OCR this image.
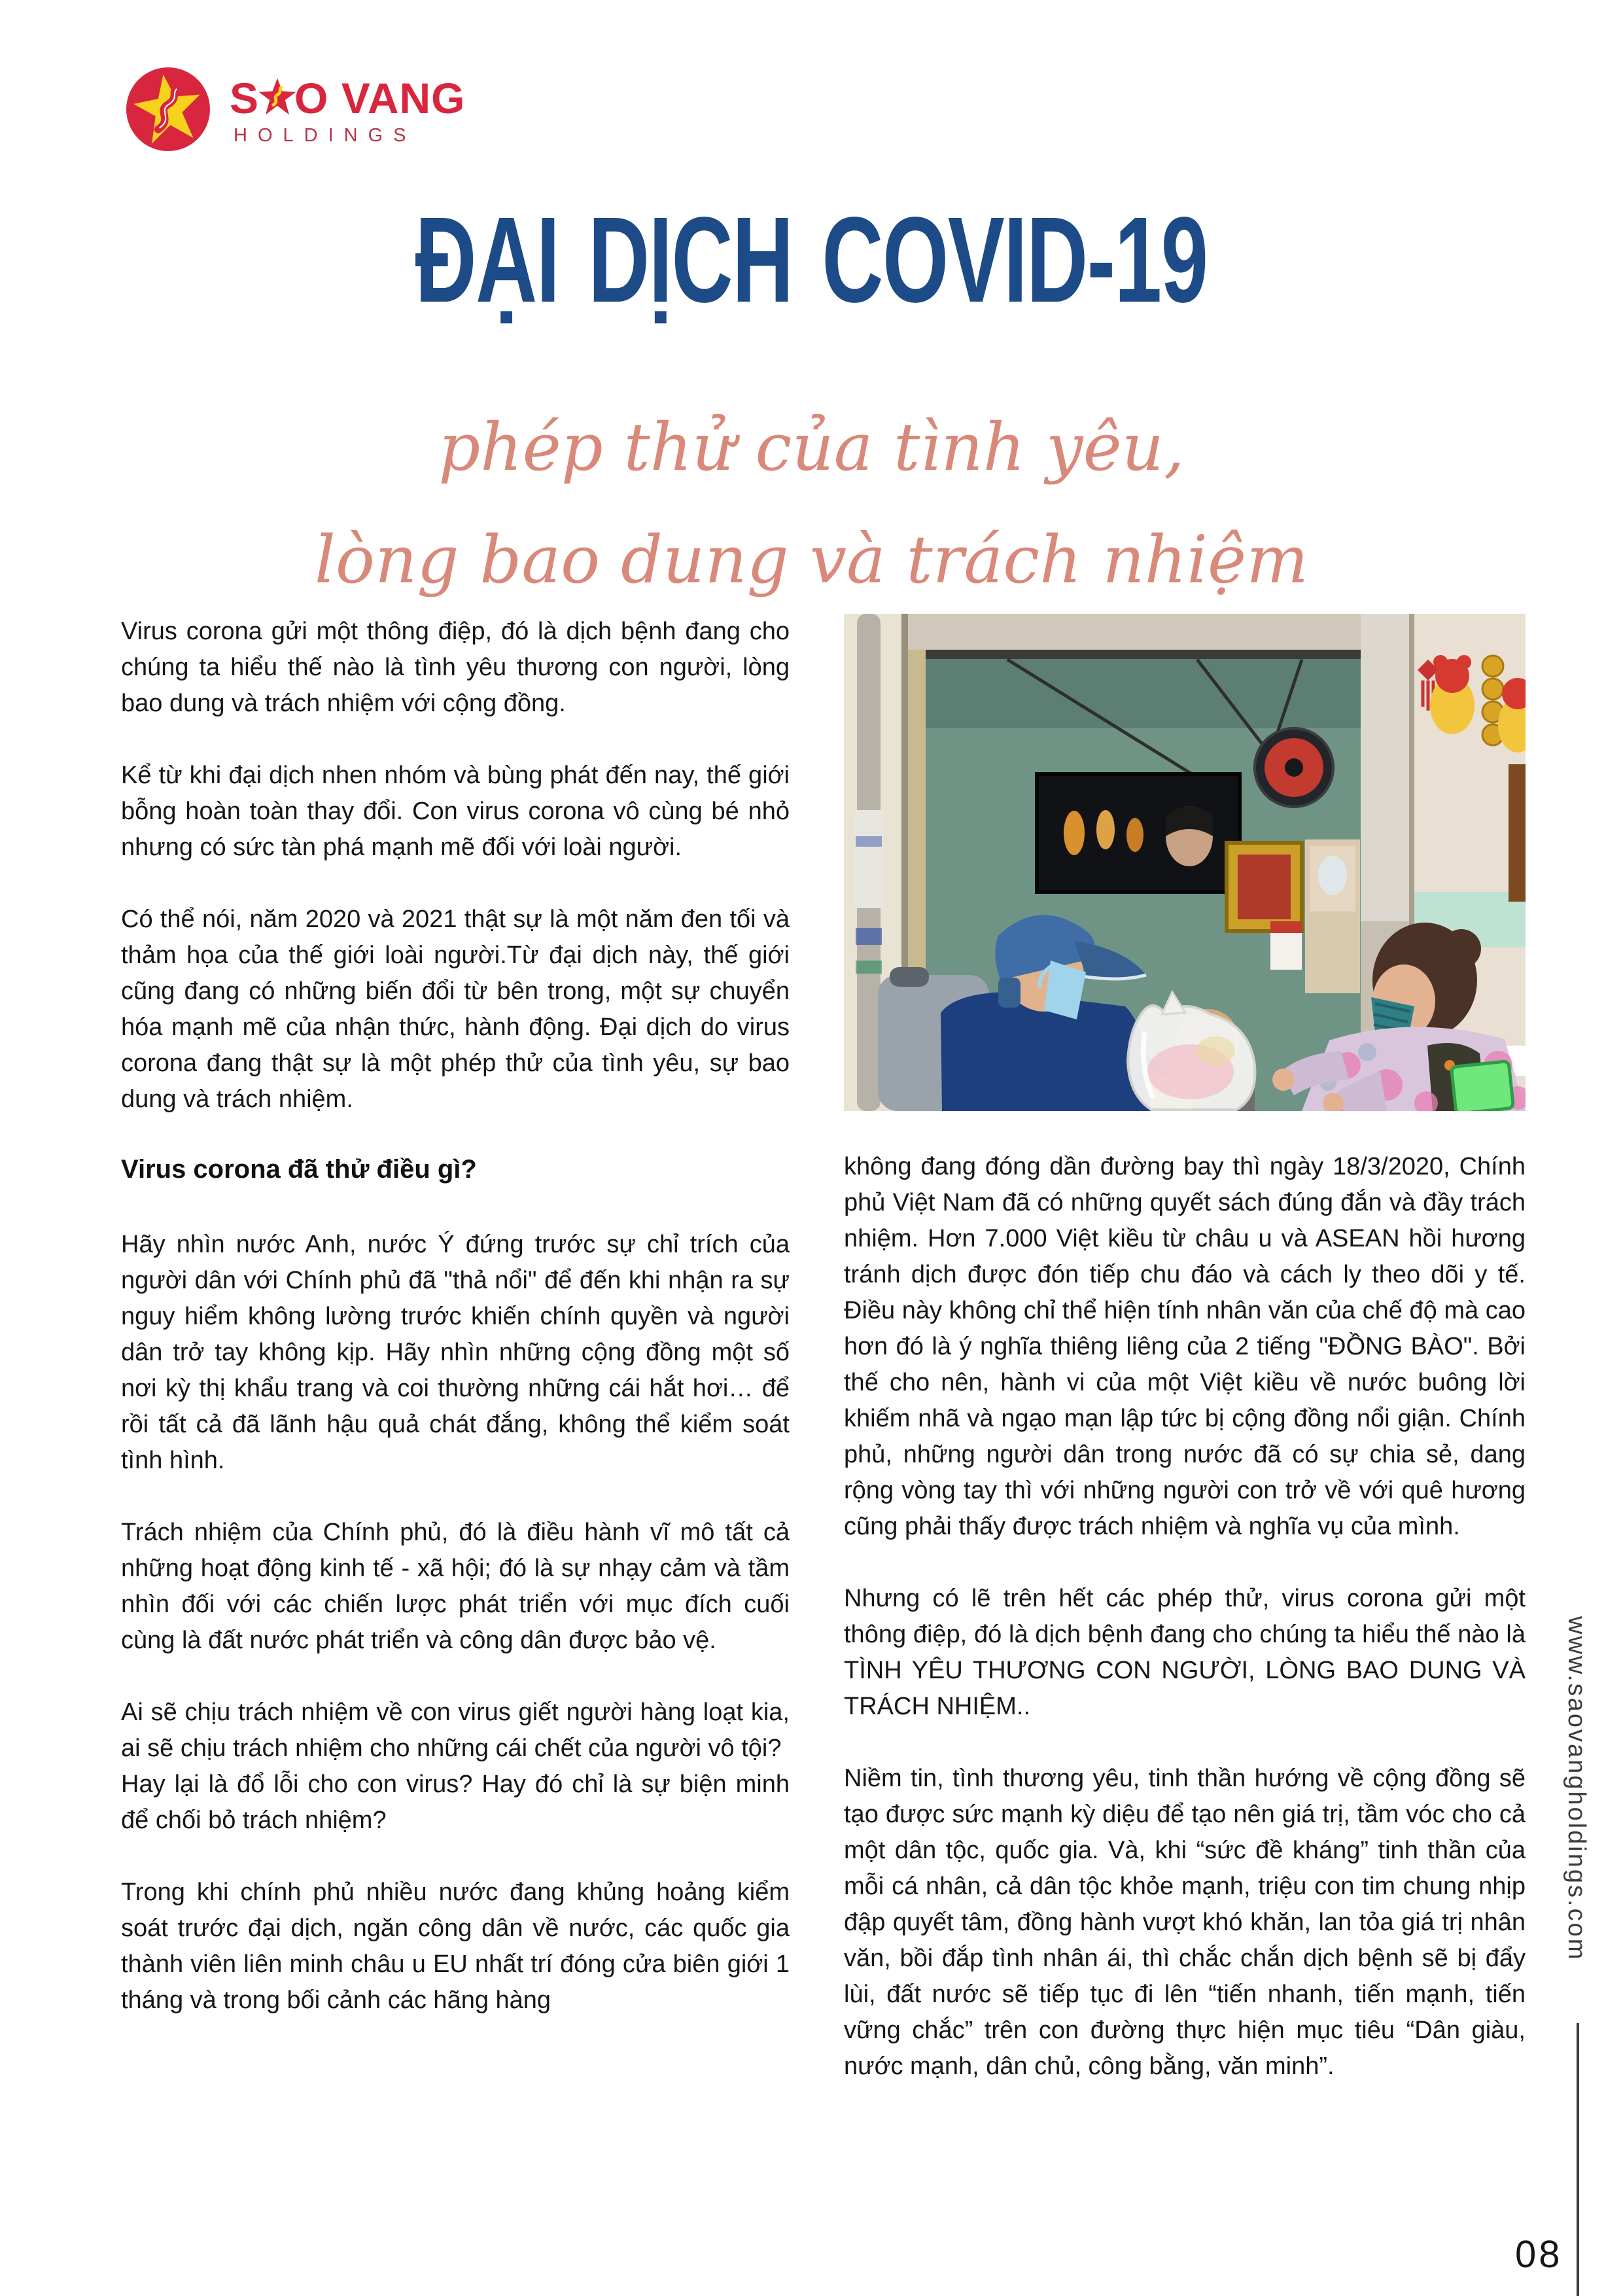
S O VANG
HOLDINGS
ĐẠI DỊCH COVID-19
phép thử của tình yêu,
lòng bao dung và trách nhiệm

Virus corona gửi một thông điệp, đó là dịch bệnh đang cho chúng ta hiểu thế nào là tình yêu thương con người, lòng bao dung và trách nhiệm với cộng đồng.

Kể từ khi đại dịch nhen nhóm và bùng phát đến nay, thế giới bỗng hoàn toàn thay đổi. Con virus corona vô cùng bé nhỏ nhưng có sức tàn phá mạnh mẽ đối với loài người.

Có thể nói, năm 2020 và 2021 thật sự là một năm đen tối và thảm họa của thế giới loài người.Từ đại dịch này, thế giới cũng đang có những biến đổi từ bên trong, một sự chuyển hóa mạnh mẽ của nhận thức, hành động. Đại dịch do virus corona đang thật sự là một phép thử của tình yêu, sự bao dung và trách nhiệm.

Virus corona đã thử điều gì?

Hãy nhìn nước Anh, nước Ý đứng trước sự chỉ trích của người dân với Chính phủ đã "thả nổi" để đến khi nhận ra sự nguy hiểm không lường trước khiến chính quyền và người dân trở tay không kịp. Hãy nhìn những cộng đồng một số nơi kỳ thị khẩu trang và coi thường những cái hắt hơi… để rồi tất cả đã lãnh hậu quả chát đắng, không thể kiểm soát tình hình.

Trách nhiệm của Chính phủ, đó là điều hành vĩ mô tất cả những hoạt động kinh tế - xã hội; đó là sự nhạy cảm và tầm nhìn đối với các chiến lược phát triển với mục đích cuối cùng là đất nước phát triển và công dân được bảo vệ.

Ai sẽ chịu trách nhiệm về con virus giết người hàng loạt kia, ai sẽ chịu trách nhiệm cho những cái chết của người vô tội?

Hay lại là đổ lỗi cho con virus? Hay đó chỉ là sự biện minh để chối bỏ trách nhiệm?

Trong khi chính phủ nhiều nước đang khủng hoảng kiểm soát trước đại dịch, ngăn công dân về nước, các quốc gia thành viên liên minh châu u EU nhất trí đóng cửa biên giới 1 tháng và trong bối cảnh các hãng hàng

không đang đóng dần đường bay thì ngày 18/3/2020, Chính phủ Việt Nam đã có những quyết sách đúng đắn và đầy trách nhiệm. Hơn 7.000 Việt kiều từ châu u và ASEAN hồi hương tránh dịch được đón tiếp chu đáo và cách ly theo dõi y tế. Điều này không chỉ thể hiện tính nhân văn của chế độ mà cao hơn đó là ý nghĩa thiêng liêng của 2 tiếng "ĐỒNG BÀO". Bởi thế cho nên, hành vi của một Việt kiều về nước buông lời khiếm nhã và ngạo mạn lập tức bị cộng đồng nổi giận. Chính phủ, những người dân trong nước đã có sự chia sẻ, dang rộng vòng tay thì với những người con trở về với quê hương cũng phải thấy được trách nhiệm và nghĩa vụ của mình.

Nhưng có lẽ trên hết các phép thử, virus corona gửi một thông điệp, đó là dịch bệnh đang cho chúng ta hiểu thế nào là TÌNH YÊU THƯƠNG CON NGƯỜI, LÒNG BAO DUNG VÀ TRÁCH NHIỆM..

Niềm tin, tình thương yêu, tinh thần hướng về cộng đồng sẽ tạo được sức mạnh kỳ diệu để tạo nên giá trị, tầm vóc cho cả một dân tộc, quốc gia. Và, khi “sức đề kháng” tinh thần của mỗi cá nhân, cả dân tộc khỏe mạnh, triệu con tim chung nhịp đập quyết tâm, đồng hành vượt khó khăn, lan tỏa giá trị nhân văn, bồi đắp tình nhân ái, thì chắc chắn dịch bệnh sẽ bị đẩy lùi, đất nước sẽ tiếp tục đi lên “tiến nhanh, tiến mạnh, tiến vững chắc” trên con đường thực hiện mục tiêu “Dân giàu, nước mạnh, dân chủ, công bằng, văn minh”.

www.saovangholdings.com
08
